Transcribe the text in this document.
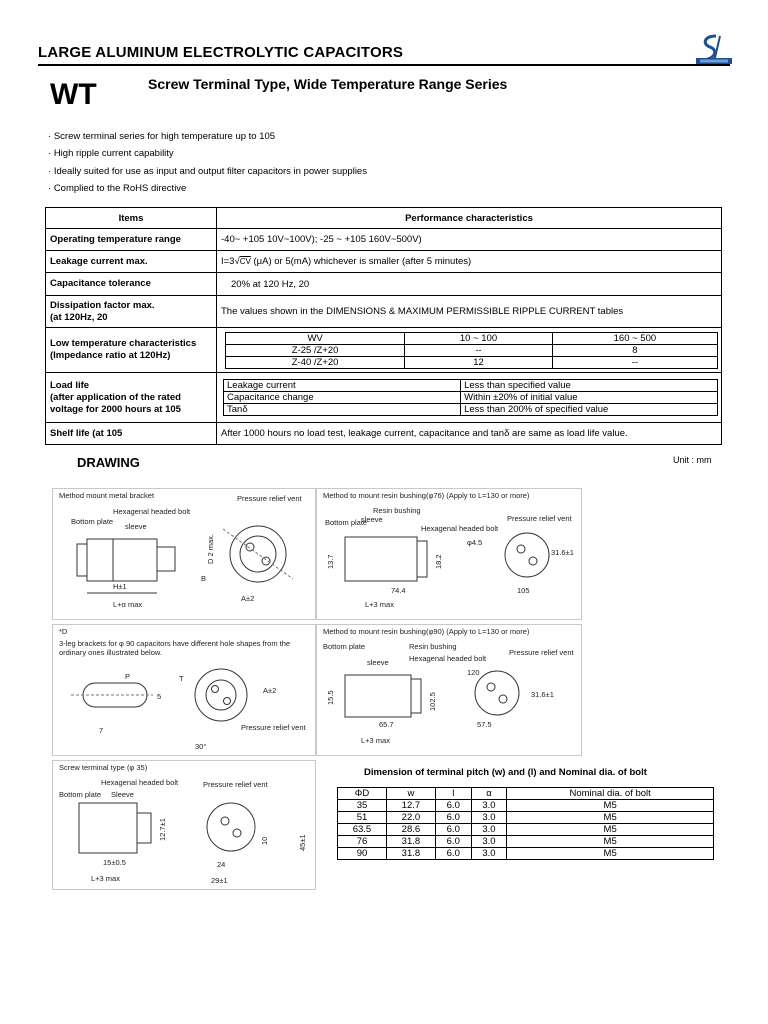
LARGE ALUMINUM ELECTROLYTIC CAPACITORS
WT	Screw Terminal Type, Wide Temperature Range Series
· Screw terminal series for high temperature up to 105
· High ripple current capability
· Ideally suited for use as input and output filter capacitors in power supplies
· Complied to the RoHS directive
Items	Performance characteristics
Operating temperature range	-40~ +105 10V~100V); -25 ~ +105 160V~500V)
Leakage current max.	I=3√CV (μA) or 5(mA) whichever is smaller (after 5 minutes)
Capacitance tolerance	20% at 120 Hz, 20

Dissipation factor max.
(at 120Hz, 20	The values shown in the DIMENSIONS & MAXIMUM PERMISSIBLE RIPPLE CURRENT tables

Low temperature characteristics
(Impedance ratio at 120Hz)

WV	10 ~ 100	160 ~ 500
Z-25 /Z+20	--	8
Z-40 /Z+20	12	--

Load life
(after application of the rated
voltage for 2000 hours at 105

Leakage current	Less than specified value
Capacitance change	Within ±20% of initial value
Tanδ	Less than 200% of specified value

Shelf life (at 105	After 1000 hours no load test, leakage current, capacitance and tanδ are same as load life value.
DRAWING	Unit : mm
Method mount metal bracket
Hexagenal headed bolt
Bottom plate
sleeve
Pressure relief vent
H±1
L+α max
D 2 max.
A±2
B
Method to mount resin bushing(φ76) (Apply to L=130 or more)
Resin bushing
Bottom plate
sleeve
Hexagenal headed bolt
Pressure relief vent
13.7	18.2
74.4
L+3 max
φ4.5
31.6±1
105
*D
3-leg brackets for φ 90 capacitors have different hole shapes from the ordinary ones illustrated below.
P
5
7
T
A±2
Pressure relief vent
30°
Method to mount resin bushing(φ90) (Apply to L=130 or more)
Bottom plate	Resin bushing
sleeve	Hexagenal headed bolt
Pressure relief vent
15.5	102.5
65.7
L+3 max
120
31.6±1
57.5
Screw terminal type (φ 35)
Hexagenal headed bolt
Bottom plate Sleeve
Pressure relief vent
12.7±1
15±0.5
L+3 max
10	45±1
24
29±1
Dimension of terminal pitch (w) and (l) and Nominal dia. of bolt
ΦD	w	l	α	Nominal dia. of bolt
35	12.7	6.0	3.0	M5
51	22.0	6.0	3.0	M5
63.5	28.6	6.0	3.0	M5
76	31.8	6.0	3.0	M5
90	31.8	6.0	3.0	M5
